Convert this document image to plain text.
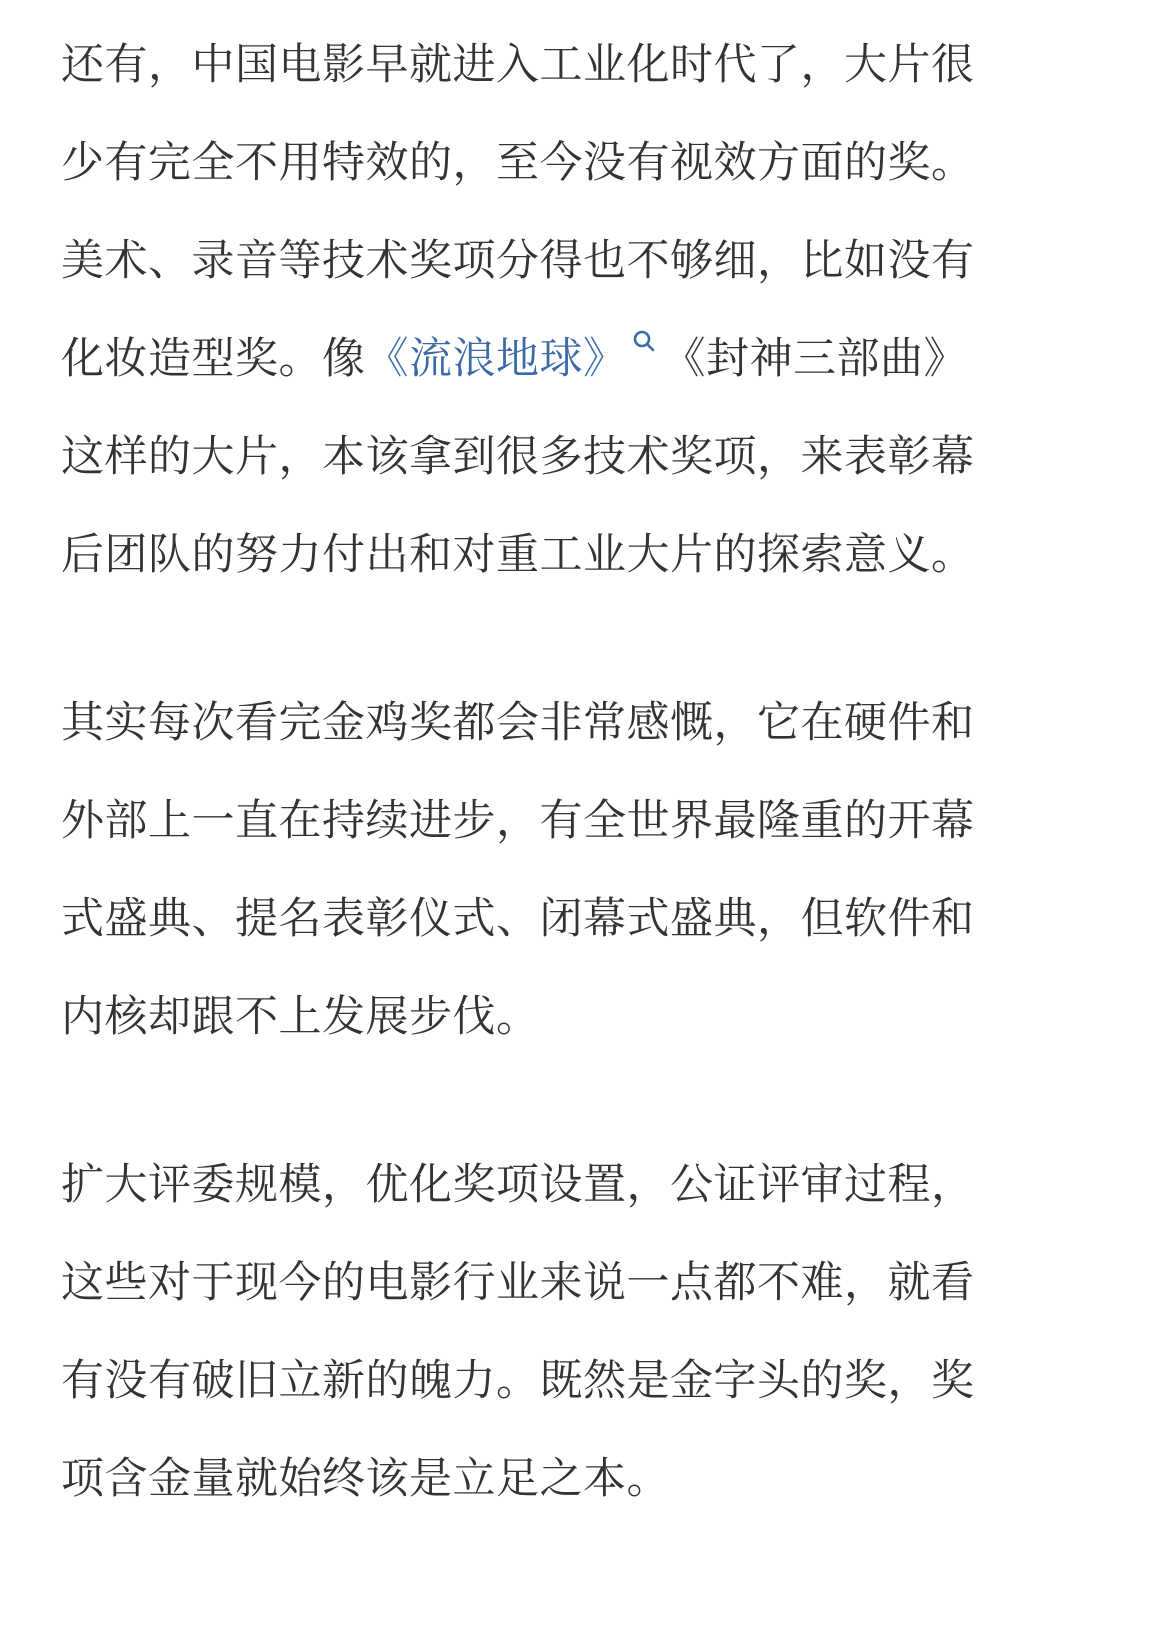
还有，中国电影早就进入工业化时代了，大片很
少有完全不用特效的，至今没有视效方面的奖。
美术、录音等技术奖项分得也不够细，比如没有
化妆造型奖。像《流浪地球》 《封神三部曲》
这样的大片，本该拿到很多技术奖项，来表彰幕
后团队的努力付出和对重工业大片的探索意义。

其实每次看完金鸡奖都会非常感慨，它在硬件和
外部上一直在持续进步，有全世界最隆重的开幕
式盛典、提名表彰仪式、闭幕式盛典，但软件和
内核却跟不上发展步伐。

扩大评委规模，优化奖项设置，公证评审过程，
这些对于现今的电影行业来说一点都不难，就看
有没有破旧立新的魄力。既然是金字头的奖，奖
项含金量就始终该是立足之本。
